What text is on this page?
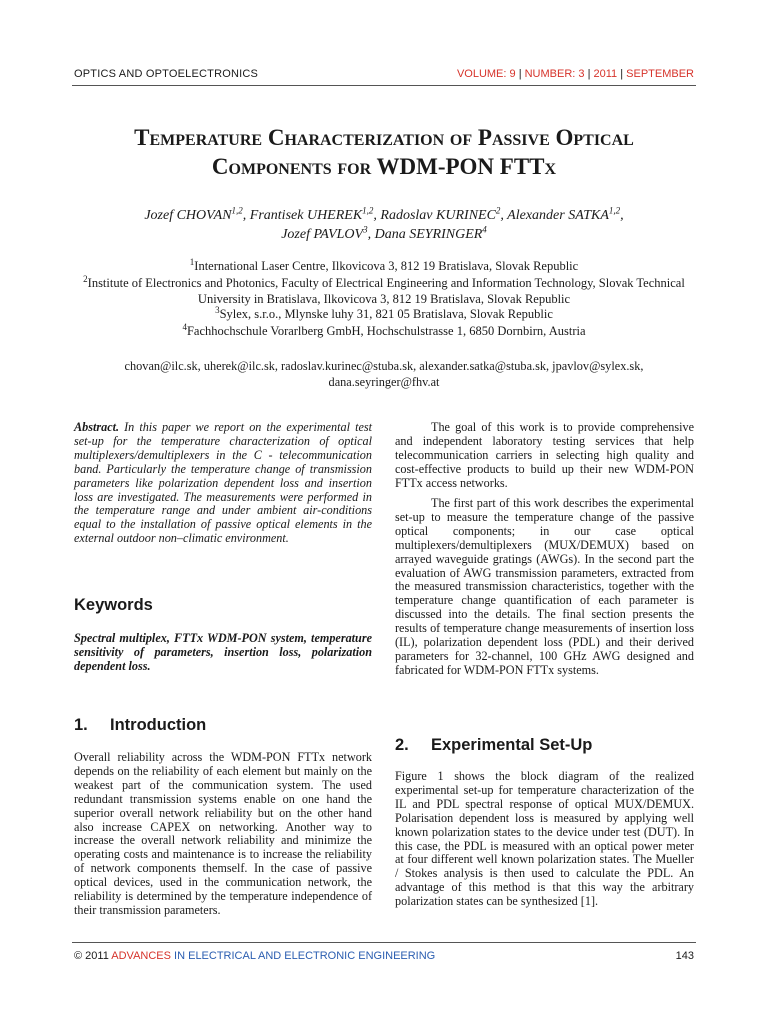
OPTICS AND OPTOELECTRONICS	VOLUME: 9 | NUMBER: 3 | 2011 | SEPTEMBER
Temperature Characterization of Passive Optical
Components for WDM-PON FTTx
Jozef CHOVAN$^{1,2}$, Frantisek UHEREK$^{1,2}$, Radoslav KURINEC$^2$, Alexander SATKA$^{1,2}$,
Jozef PAVLOV$^3$, Dana SEYRINGER$^4$
$^1$International Laser Centre, Ilkovicova 3, 812 19 Bratislava, Slovak Republic
$^2$Institute of Electronics and Photonics, Faculty of Electrical Engineering and Information Technology, Slovak Technical University in Bratislava, Ilkovicova 3, 812 19 Bratislava, Slovak Republic
$^3$Sylex, s.r.o., Mlynske luhy 31, 821 05 Bratislava, Slovak Republic
$^4$Fachhochschule Vorarlberg GmbH, Hochschulstrasse 1, 6850 Dornbirn, Austria
chovan@ilc.sk, uherek@ilc.sk, radoslav.kurinec@stuba.sk, alexander.satka@stuba.sk, jpavlov@sylex.sk, dana.seyringer@fhv.at
Abstract. In this paper we report on the experimental test set-up for the temperature characterization of optical multiplexers/demultiplexers in the C - telecommunication band. Particularly the temperature change of transmission parameters like polarization dependent loss and insertion loss are investigated. The measurements were performed in the temperature range and under ambient air-conditions equal to the installation of passive optical elements in the external outdoor non–climatic environment.
Keywords
Spectral multiplex, FTTx WDM-PON system, temperature sensitivity of parameters, insertion loss, polarization dependent loss.
1. Introduction
Overall reliability across the WDM-PON FTTx network depends on the reliability of each element but mainly on the weakest part of the communication system. The used redundant transmission systems enable on one hand the superior overall network reliability but on the other hand also increase CAPEX on networking. Another way to increase the overall network reliability and minimize the operating costs and maintenance is to increase the reliability of network components themself. In the case of passive optical devices, used in the communication network, the reliability is determined by the temperature independence of their transmission parameters.
The goal of this work is to provide comprehensive and independent laboratory testing services that help telecommunication carriers in selecting high quality and cost-effective products to build up their new WDM-PON FTTx access networks.
The first part of this work describes the experimental set-up to measure the temperature change of the passive optical components; in our case optical multiplexers/demultiplexers (MUX/DEMUX) based on arrayed waveguide gratings (AWGs). In the second part the evaluation of AWG transmission parameters, extracted from the measured transmission characteristics, together with the temperature change quantification of each parameter is discussed into the details. The final section presents the results of temperature change measurements of insertion loss (IL), polarization dependent loss (PDL) and their derived parameters for 32-channel, 100 GHz AWG designed and fabricated for WDM-PON FTTx systems.
2. Experimental Set-Up
Figure 1 shows the block diagram of the realized experimental set-up for temperature characterization of the IL and PDL spectral response of optical MUX/DEMUX. Polarisation dependent loss is measured by applying well known polarization states to the device under test (DUT). In this case, the PDL is measured with an optical power meter at four different well known polarization states. The Mueller / Stokes analysis is then used to calculate the PDL. An advantage of this method is that this way the arbitrary polarization states can be synthesized [1].
© 2011 ADVANCES IN ELECTRICAL AND ELECTRONIC ENGINEERING	143
